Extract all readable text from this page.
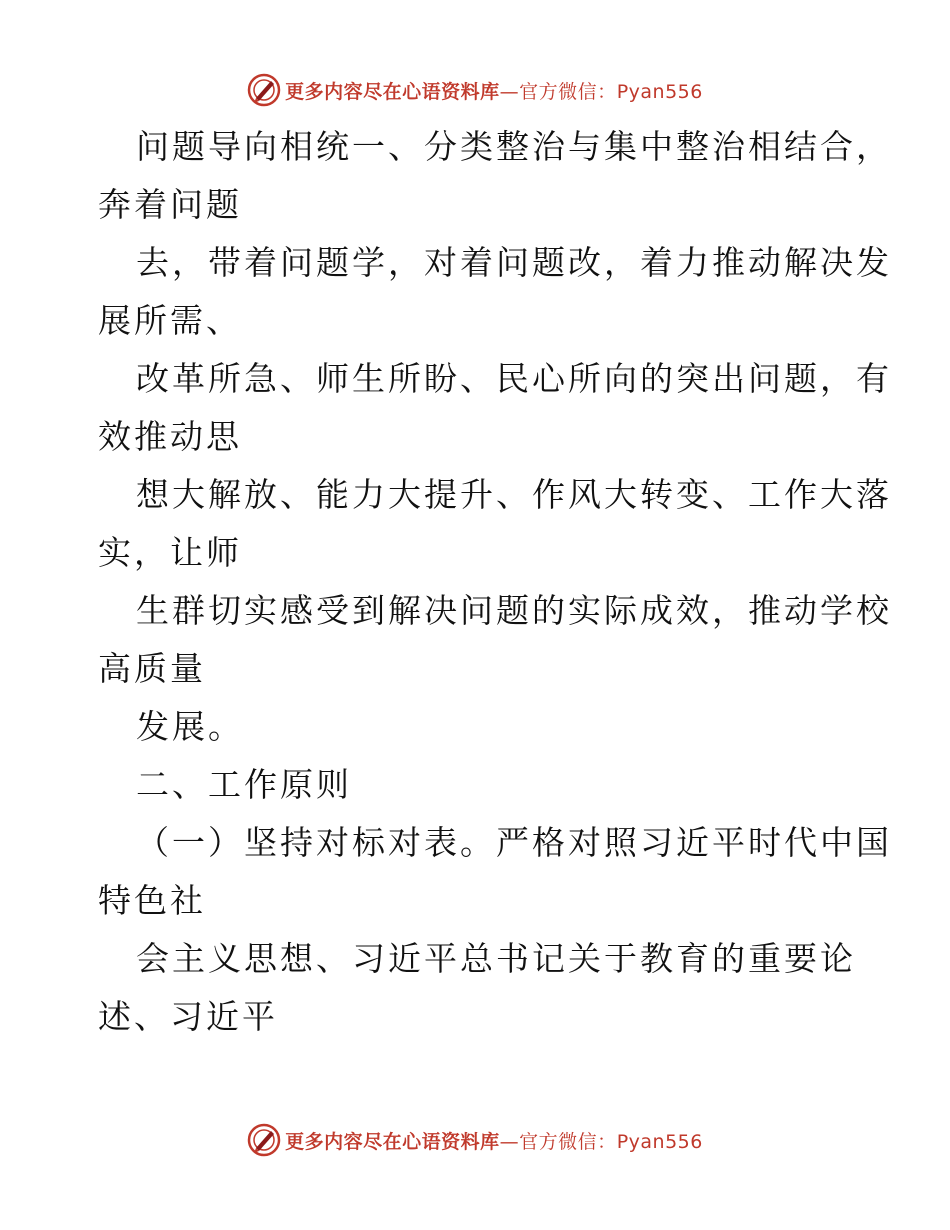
更多内容尽在心语资料库—官方微信：Pyan556
问题导向相统一、分类整治与集中整治相结合，
奔着问题
去，带着问题学，对着问题改，着力推动解决发
展所需、
改革所急、师生所盼、民心所向的突出问题，有
效推动思
想大解放、能力大提升、作风大转变、工作大落
实，让师
生群切实感受到解决问题的实际成效，推动学校
高质量
发展。
二、工作原则
（一）坚持对标对表。严格对照习近平时代中国
特色社
会主义思想、习近平总书记关于教育的重要论
述、习近平
更多内容尽在心语资料库—官方微信：Pyan556
